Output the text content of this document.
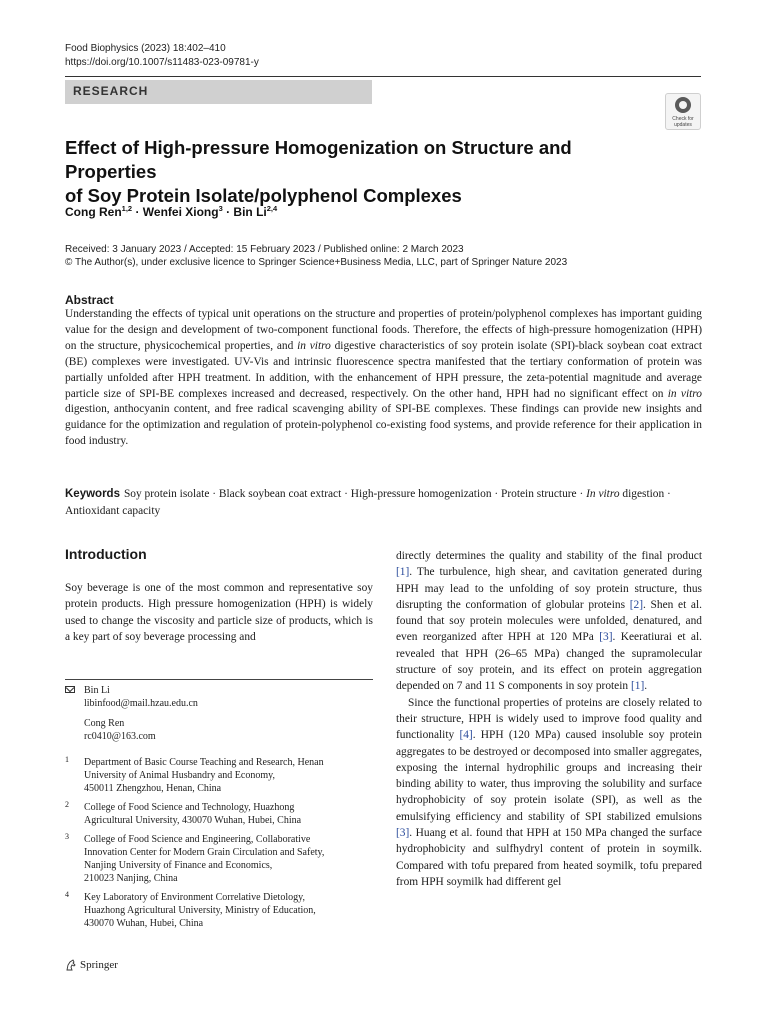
Food Biophysics (2023) 18:402–410
https://doi.org/10.1007/s11483-023-09781-y
RESEARCH
Check for
updates
Effect of High-pressure Homogenization on Structure and Properties
of Soy Protein Isolate/polyphenol Complexes
Cong Ren$^{1,2}$ · Wenfei Xiong$^3$ · Bin Li$^{2,4}$
Received: 3 January 2023 / Accepted: 15 February 2023 / Published online: 2 March 2023
© The Author(s), under exclusive licence to Springer Science+Business Media, LLC, part of Springer Nature 2023
Abstract
Understanding the effects of typical unit operations on the structure and properties of protein/polyphenol complexes has important guiding value for the design and development of two-component functional foods. Therefore, the effects of high-pressure homogenization (HPH) on the structure, physicochemical properties, and in vitro digestive characteristics of soy protein isolate (SPI)-black soybean coat extract (BE) complexes were investigated. UV-Vis and intrinsic fluorescence spectra manifested that the tertiary conformation of protein was partially unfolded after HPH treatment. In addition, with the enhancement of HPH pressure, the zeta-potential magnitude and average particle size of SPI-BE complexes increased and decreased, respectively. On the other hand, HPH had no significant effect on in vitro digestion, anthocyanin content, and free radical scavenging ability of SPI-BE complexes. These findings can provide new insights and guidance for the optimization and regulation of protein-polyphenol co-existing food systems, and provide reference for their application in food industry.
Keywords Soy protein isolate · Black soybean coat extract · High-pressure homogenization · Protein structure · In vitro digestion · Antioxidant capacity
Introduction
Soy beverage is one of the most common and representative soy protein products. High pressure homogenization (HPH) is widely used to change the viscosity and particle size of products, which is a key part of soy beverage processing and

directly determines the quality and stability of the final product [1]. The turbulence, high shear, and cavitation generated during HPH may lead to the unfolding of soy protein structure, thus disrupting the conformation of globular proteins [2]. Shen et al. found that soy protein molecules were unfolded, denatured, and even reorganized after HPH at 120 MPa [3]. Keeratiurai et al. revealed that HPH (26–65 MPa) changed the supramolecular structure of soy protein, and its effect on protein aggregation depended on 7 and 11 S components in soy protein [1].

Since the functional properties of proteins are closely related to their structure, HPH is widely used to improve food quality and functionality [4]. HPH (120 MPa) caused insoluble soy protein aggregates to be destroyed or decomposed into smaller aggregates, exposing the internal hydrophilic groups and increasing their binding ability to water, thus improving the solubility and surface hydrophobicity of soy protein isolate (SPI), as well as the emulsifying efficiency and stability of SPI stabilized emulsions [3]. Huang et al. found that HPH at 150 MPa changed the surface hydrophobicity and sulfhydryl content of protein in soymilk. Compared with tofu prepared from heated soymilk, tofu prepared from HPH soymilk had different gel

Bin Li
libinfood@mail.hzau.edu.cn
Cong Ren
rc0410@163.com
1 Department of Basic Course Teaching and Research, Henan
University of Animal Husbandry and Economy,
450011 Zhengzhou, Henan, China
2 College of Food Science and Technology, Huazhong
Agricultural University, 430070 Wuhan, Hubei, China
3 College of Food Science and Engineering, Collaborative
Innovation Center for Modern Grain Circulation and Safety,
Nanjing University of Finance and Economics,
210023 Nanjing, China
4 Key Laboratory of Environment Correlative Dietology,
Huazhong Agricultural University, Ministry of Education,
430070 Wuhan, Hubei, China
Springer
